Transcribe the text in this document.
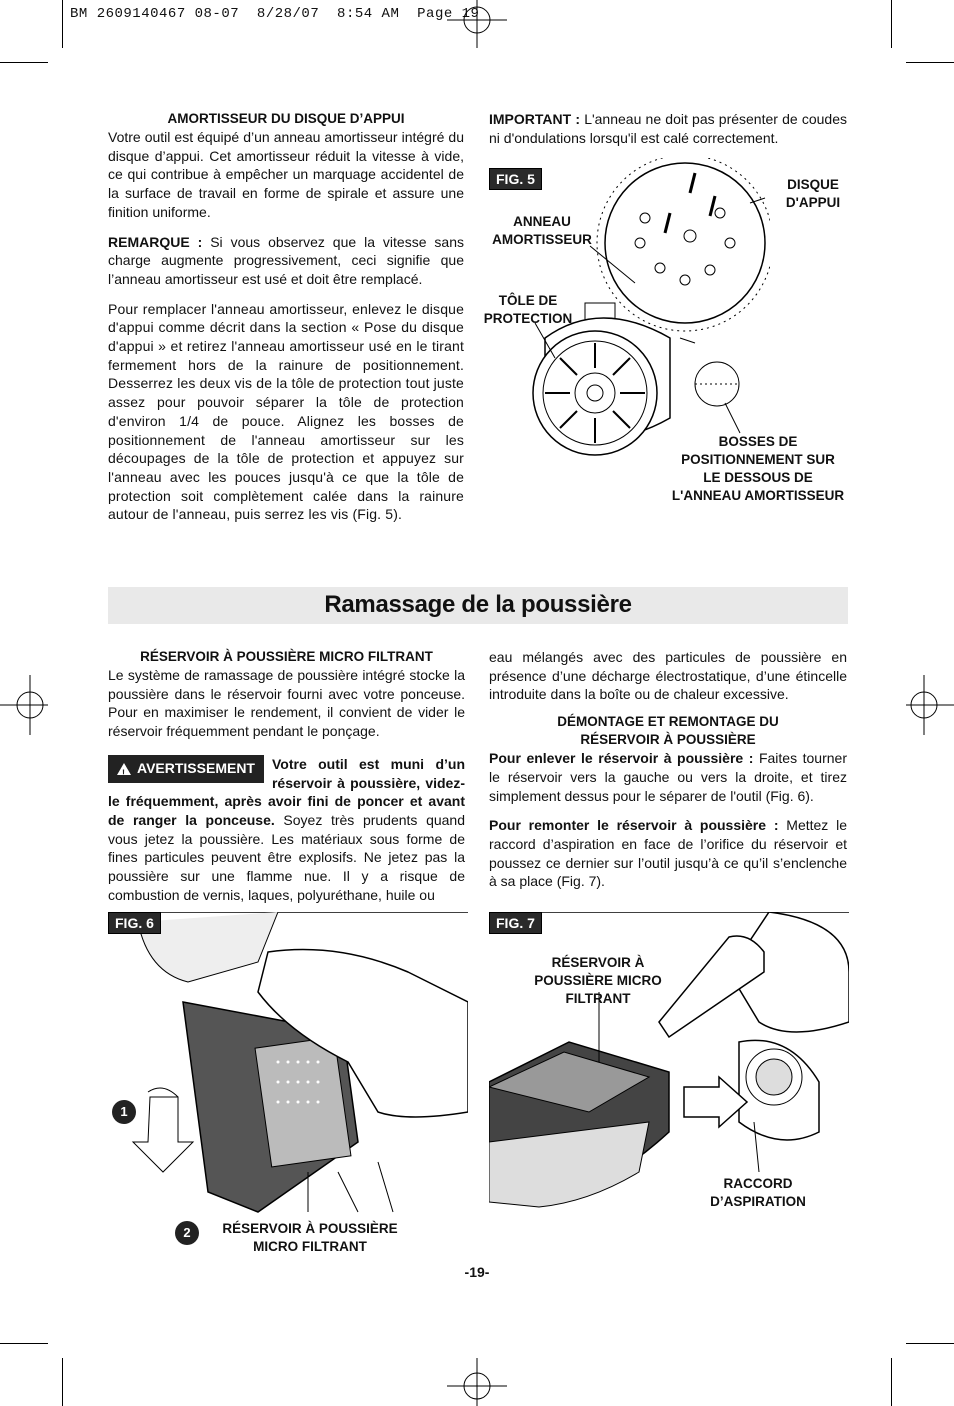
BM 2609140467 08-07  8/28/07  8:54 AM  Page 19
AMORTISSEUR DU DISQUE D’APPUI

Votre outil est équipé d’un anneau amortisseur intégré du disque d’appui. Cet amortisseur réduit la vitesse à vide, ce qui contribue à empêcher un marquage accidentel de la surface de travail en forme de spirale et assure une finition uniforme.

REMARQUE : Si vous observez que la vitesse sans charge augmente progressivement, ceci signifie que l’anneau amortisseur est usé et doit être remplacé.

Pour remplacer l'anneau amortisseur, enlevez le disque d'appui comme décrit dans la section « Pose du disque d'appui » et retirez l'anneau amortisseur usé en le tirant fermement hors de la rainure de positionnement. Desserrez les deux vis de la tôle de protection tout juste assez pour pouvoir séparer la tôle de protection d'environ 1/4 de pouce. Alignez les bosses de positionnement de l'anneau amortisseur sur les découpages de la tôle de protection et appuyez sur l'anneau avec les pouces jusqu'à ce que la tôle de protection soit complètement calée dans la rainure autour de l'anneau, puis serrez les vis (Fig. 5).

IMPORTANT : L'anneau ne doit pas présenter de coudes ni d'ondulations lorsqu'il est calé correctement.

FIG. 5	DISQUE
D'APPUI
ANNEAU
AMORTISSEUR
TÔLE DE
PROTECTION
BOSSES DE
POSITIONNEMENT SUR
LE DESSOUS DE
L'ANNEAU AMORTISSEUR
Ramassage de la poussière
RÉSERVOIR À POUSSIÈRE MICRO FILTRANT

Le système de ramassage de poussière intégré stocke la poussière dans le réservoir fourni avec votre ponceuse. Pour en maximiser le rendement, il convient de vider le réservoir fréquemment pendant le ponçage.

!
AVERTISSEMENT Votre outil est muni d’un réservoir à poussière, videz-le fréquemment, après avoir fini de poncer et avant de ranger la ponceuse. Soyez très prudents quand vous jetez la poussière. Les matériaux sous forme de fines particules peuvent être explosifs. Ne jetez pas la poussière sur une flamme nue. Il y a risque de combustion de vernis, laques, polyuréthane, huile ou

eau mélangés avec des particules de poussière en présence d’une décharge électrostatique, d’une étincelle introduite dans la boîte ou de chaleur excessive.

DÉMONTAGE ET REMONTAGE DU
RÉSERVOIR À POUSSIÈRE

Pour enlever le réservoir à poussière : Faites tourner le réservoir vers la gauche ou vers la droite, et tirez simplement dessus pour le séparer de l'outil (Fig. 6).

Pour remonter le réservoir à poussière : Mettez le raccord d’aspiration en face de l’orifice du réservoir et poussez ce dernier sur l’outil jusqu’à ce qu’il s’enclenche à sa place (Fig. 7).

FIG. 6
1
2	RÉSERVOIR À POUSSIÈRE
MICRO FILTRANT
FIG. 7
RÉSERVOIR À
POUSSIÈRE MICRO
FILTRANT
RACCORD
D’ASPIRATION
-19-
